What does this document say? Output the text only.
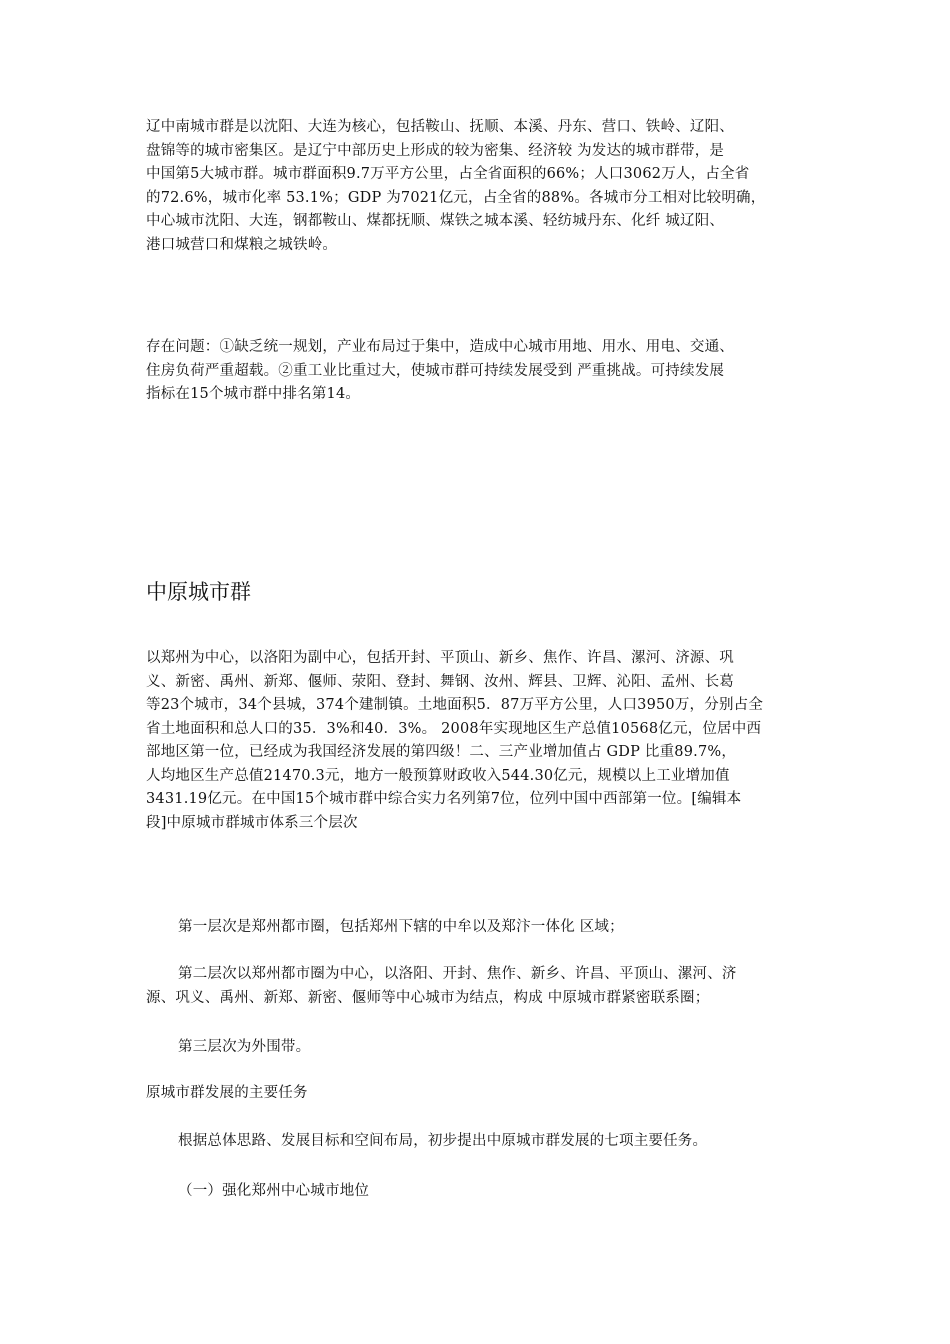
辽中南城市群是以沈阳、大连为核心，包括鞍山、抚顺、本溪、丹东、营口、铁岭、辽阳、
盘锦等的城市密集区。是辽宁中部历史上形成的较为密集、经济较 为发达的城市群带，是
中国第5大城市群。城市群面积9.7万平方公里，占全省面积的66%；人口3062万人，占全省
的72.6%，城市化率 53.1%；GDP 为7021亿元，占全省的88%。各城市分工相对比较明确，
中心城市沈阳、大连，钢都鞍山、煤都抚顺、煤铁之城本溪、轻纺城丹东、化纤 城辽阳、
港口城营口和煤粮之城铁岭。
存在问题：①缺乏统一规划，产业布局过于集中，造成中心城市用地、用水、用电、交通、
住房负荷严重超载。②重工业比重过大，使城市群可持续发展受到 严重挑战。可持续发展
指标在15个城市群中排名第14。
中原城市群
以郑州为中心，以洛阳为副中心，包括开封、平顶山、新乡、焦作、许昌、漯河、济源、巩
义、新密、禹州、新郑、偃师、荥阳、登封、舞钢、汝州、辉县、卫辉、沁阳、孟州、长葛
等23个城市，34个县城，374个建制镇。土地面积5．87万平方公里，人口3950万，分别占全
省土地面积和总人口的35．3%和40．3%。 2008年实现地区生产总值10568亿元，位居中西
部地区第一位，已经成为我国经济发展的第四级！二、三产业增加值占 GDP 比重89.7%，
人均地区生产总值21470.3元，地方一般预算财政收入544.30亿元，规模以上工业增加值
3431.19亿元。在中国15个城市群中综合实力名列第7位，位列中国中西部第一位。[编辑本
段]中原城市群城市体系三个层次

第一层次是郑州都市圈，包括郑州下辖的中牟以及郑汴一体化 区域；

第二层次以郑州都市圈为中心，以洛阳、开封、焦作、新乡、许昌、平顶山、漯河、济
源、巩义、禹州、新郑、新密、偃师等中心城市为结点，构成 中原城市群紧密联系圈；

第三层次为外围带。

原城市群发展的主要任务

根据总体思路、发展目标和空间布局，初步提出中原城市群发展的七项主要任务。

（一）强化郑州中心城市地位
